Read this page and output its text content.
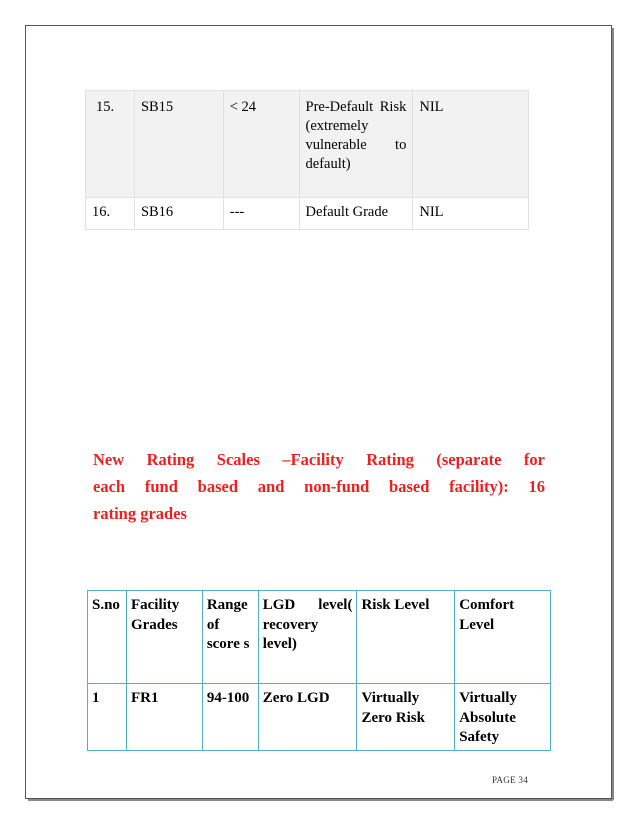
15.	SB15	< 24	Pre-Default Risk (extremely vulnerable to default)	NIL
16.	SB16	---	Default Grade	NIL
New Rating Scales –Facility Rating (separate for
each fund based and non-fund based facility): 16
rating grades
S.no	Facility Grades	Range of score s	LGD level( recovery level)	Risk Level	Comfort Level
1	FR1	94-100	Zero LGD	Virtually Zero Risk	Virtually Absolute Safety
PAGE 34
